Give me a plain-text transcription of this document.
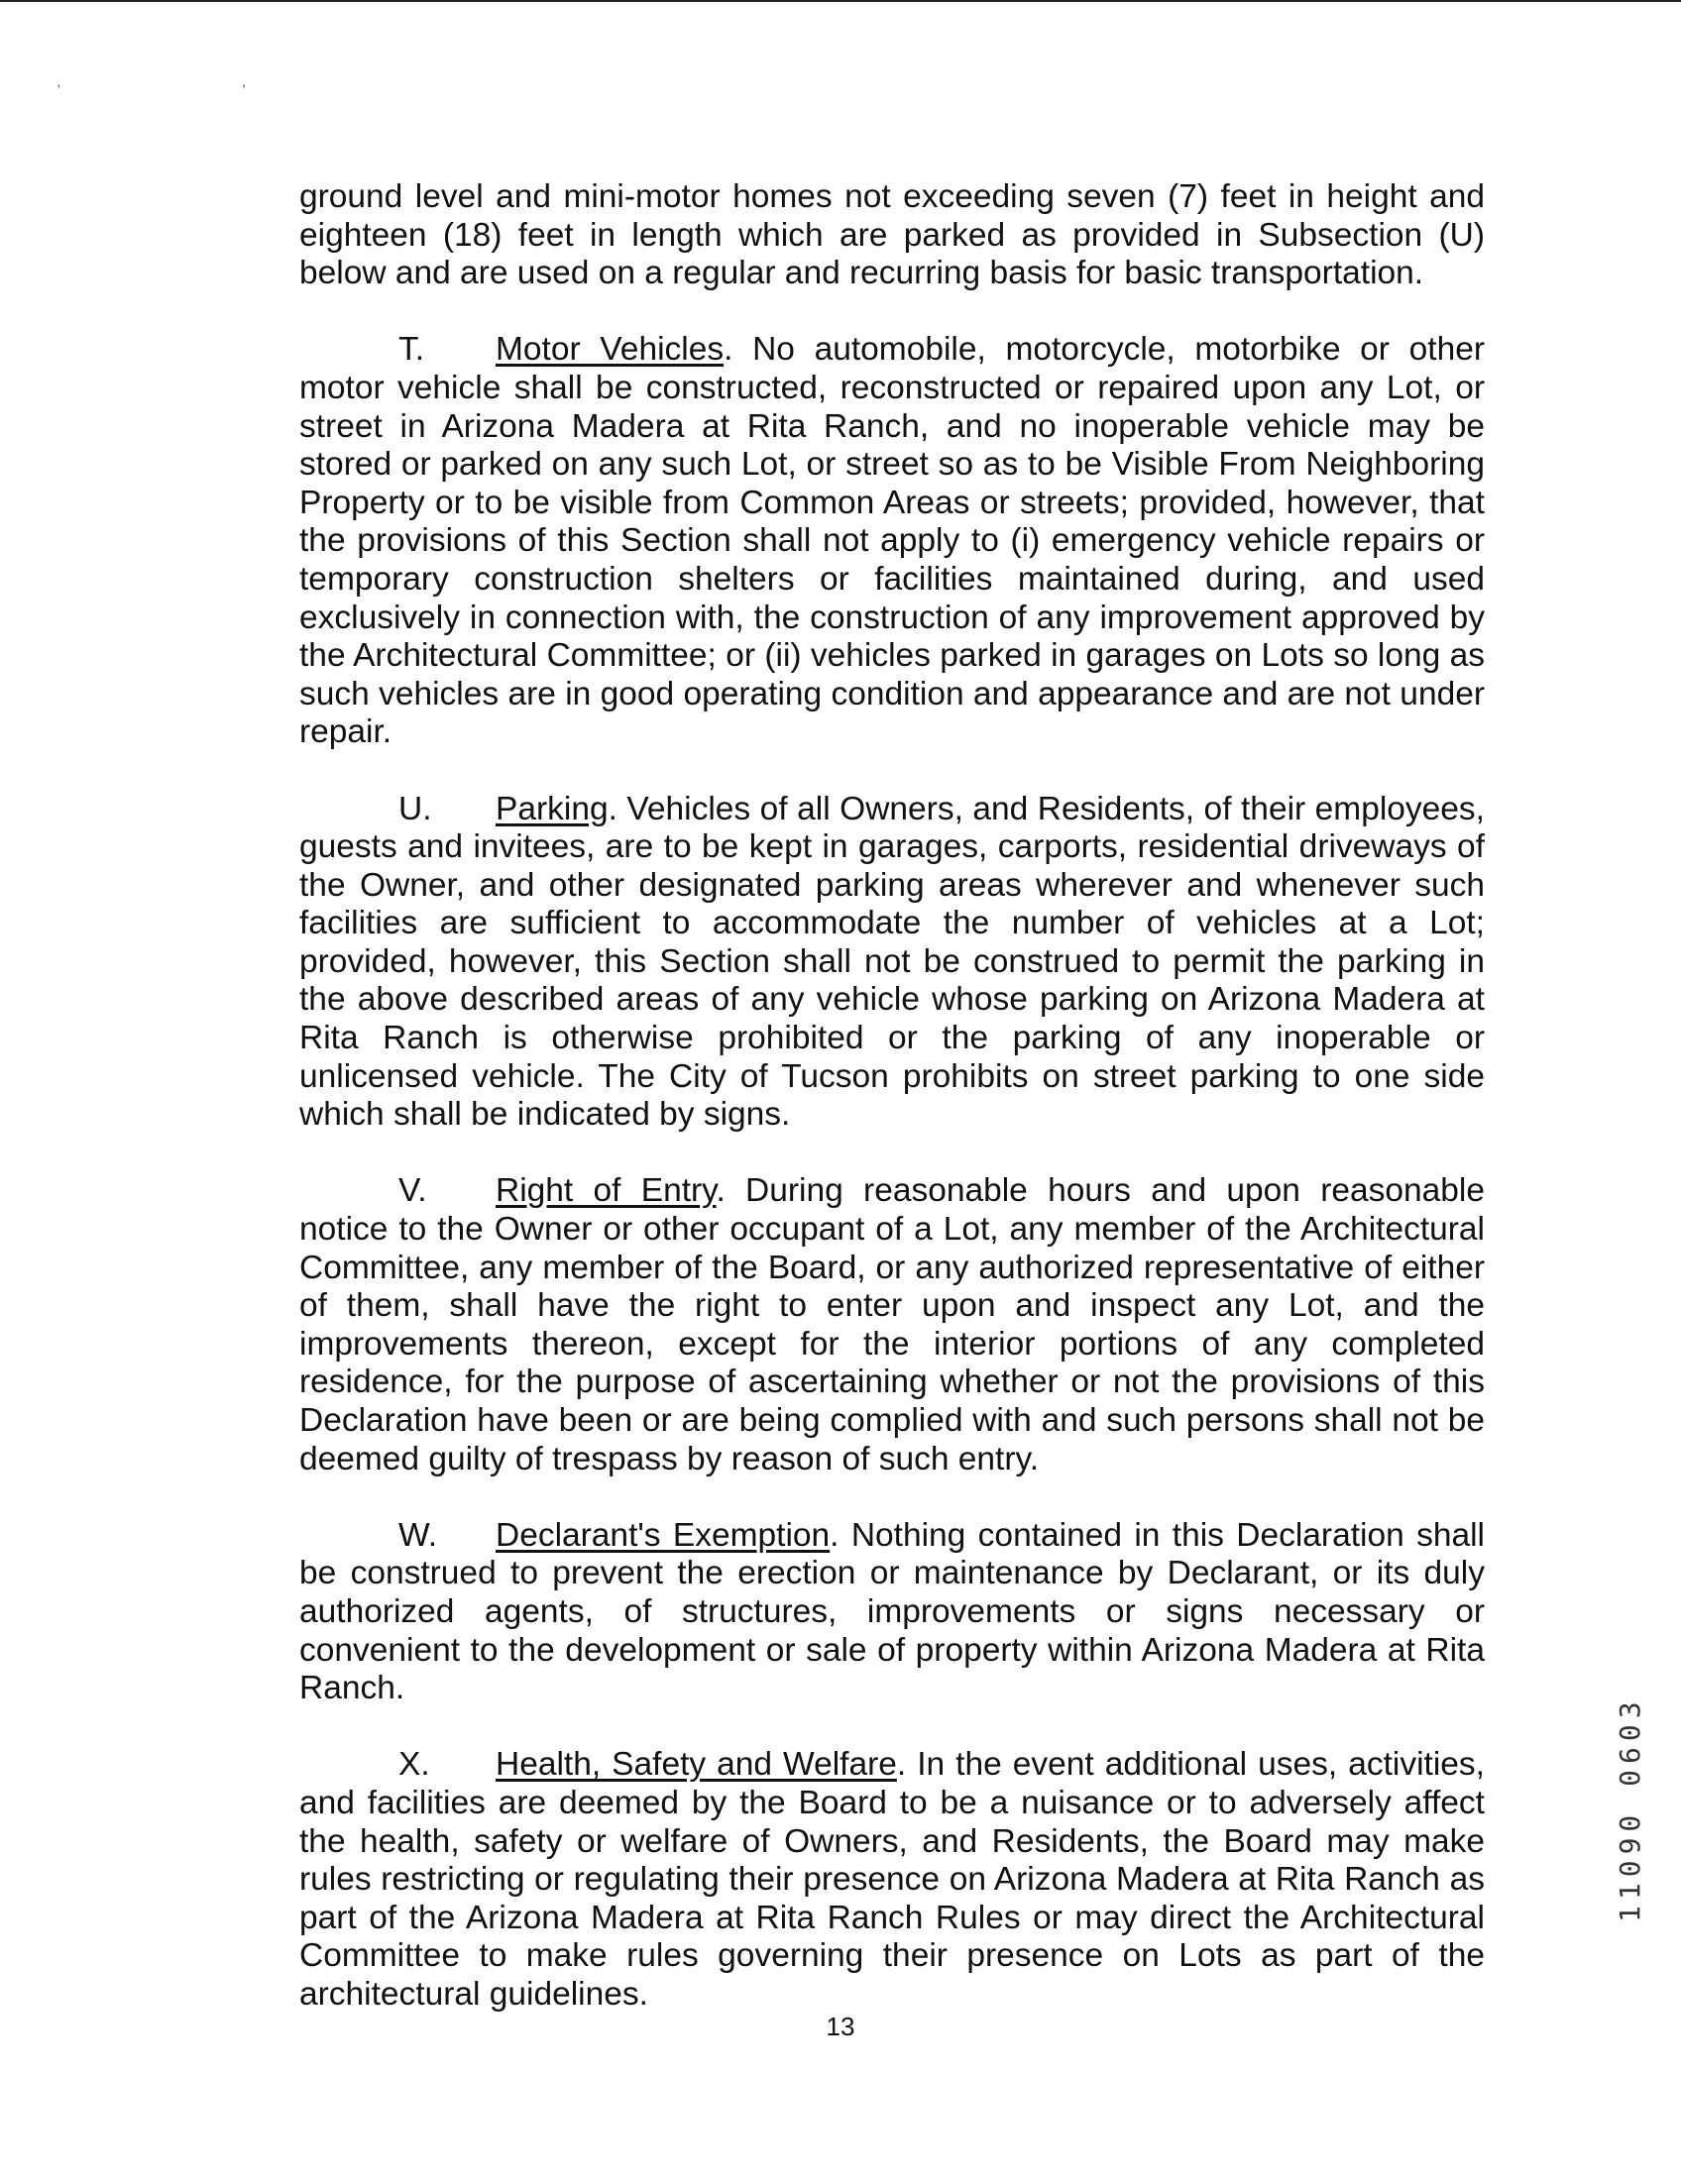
' '

ground level and mini-motor homes not exceeding seven (7) feet in height and eighteen (18) feet in length which are parked as provided in Subsection (U) below and are used on a regular and recurring basis for basic transportation.

T. Motor Vehicles. No automobile, motorcycle, motorbike or other motor vehicle shall be constructed, reconstructed or repaired upon any Lot, or street in Arizona Madera at Rita Ranch, and no inoperable vehicle may be stored or parked on any such Lot, or street so as to be Visible From Neighboring Property or to be visible from Common Areas or streets; provided, however, that the provisions of this Section shall not apply to (i) emergency vehicle repairs or temporary construction shelters or facilities maintained during, and used exclusively in connection with, the construction of any improvement approved by the Architectural Committee; or (ii) vehicles parked in garages on Lots so long as such vehicles are in good operating condition and appearance and are not under repair.

U. Parking. Vehicles of all Owners, and Residents, of their employees, guests and invitees, are to be kept in garages, carports, residential driveways of the Owner, and other designated parking areas wherever and whenever such facilities are sufficient to accommodate the number of vehicles at a Lot; provided, however, this Section shall not be construed to permit the parking in the above described areas of any vehicle whose parking on Arizona Madera at Rita Ranch is otherwise prohibited or the parking of any inoperable or unlicensed vehicle. The City of Tucson prohibits on street parking to one side which shall be indicated by signs.

V. Right of Entry. During reasonable hours and upon reasonable notice to the Owner or other occupant of a Lot, any member of the Architectural Committee, any member of the Board, or any authorized representative of either of them, shall have the right to enter upon and inspect any Lot, and the improvements thereon, except for the interior portions of any completed residence, for the purpose of ascertaining whether or not the provisions of this Declaration have been or are being complied with and such persons shall not be deemed guilty of trespass by reason of such entry.

W. Declarant's Exemption. Nothing contained in this Declaration shall be construed to prevent the erection or maintenance by Declarant, or its duly authorized agents, of structures, improvements or signs necessary or convenient to the development or sale of property within Arizona Madera at Rita Ranch.

X. Health, Safety and Welfare. In the event additional uses, activities, and facilities are deemed by the Board to be a nuisance or to adversely affect the health, safety or welfare of Owners, and Residents, the Board may make rules restricting or regulating their presence on Arizona Madera at Rita Ranch as part of the Arizona Madera at Rita Ranch Rules or may direct the Architectural Committee to make rules governing their presence on Lots as part of the architectural guidelines.

11090 0603
13
